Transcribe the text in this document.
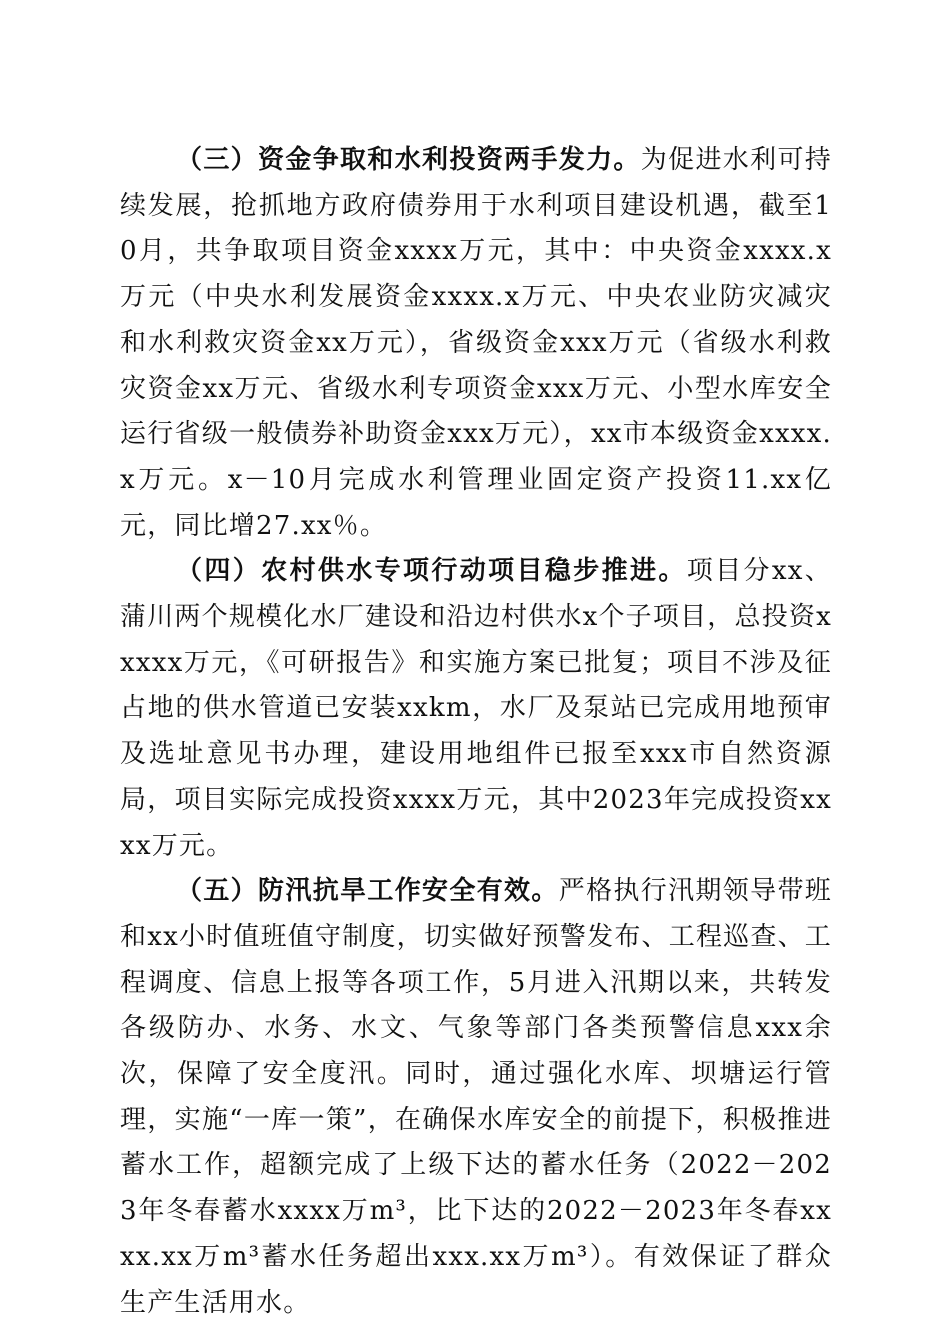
（三）资金争取和水利投资两手发力。为促进水利可持续发展，抢抓地方政府债券用于水利项目建设机遇，截至10月，共争取项目资金xxxx万元，其中：中央资金xxxx.x万元（中央水利发展资金xxxx.x万元、中央农业防灾减灾和水利救灾资金xx万元），省级资金xxx万元（省级水利救灾资金xx万元、省级水利专项资金xxx万元、小型水库安全运行省级一般债券补助资金xxx万元），xx市本级资金xxxx.x万元。x－10月完成水利管理业固定资产投资11.xx亿元，同比增27.xx％。

（四）农村供水专项行动项目稳步推进。项目分xx、蒲川两个规模化水厂建设和沿边村供水x个子项目，总投资xxxxx万元，《可研报告》和实施方案已批复；项目不涉及征占地的供水管道已安装xxkm，水厂及泵站已完成用地预审及选址意见书办理，建设用地组件已报至xxx市自然资源局，项目实际完成投资xxxx万元，其中2023年完成投资xxxx万元。

（五）防汛抗旱工作安全有效。严格执行汛期领导带班和xx小时值班值守制度，切实做好预警发布、工程巡查、工程调度、信息上报等各项工作，5月进入汛期以来，共转发各级防办、水务、水文、气象等部门各类预警信息xxx余次，保障了安全度汛。同时，通过强化水库、坝塘运行管理，实施“一库一策”，在确保水库安全的前提下，积极推进蓄水工作，超额完成了上级下达的蓄水任务（2022－2023年冬春蓄水xxxx万m³，比下达的2022－2023年冬春xxxx.xx万m³蓄水任务超出xxx.xx万m³）。有效保证了群众生产生活用水。
